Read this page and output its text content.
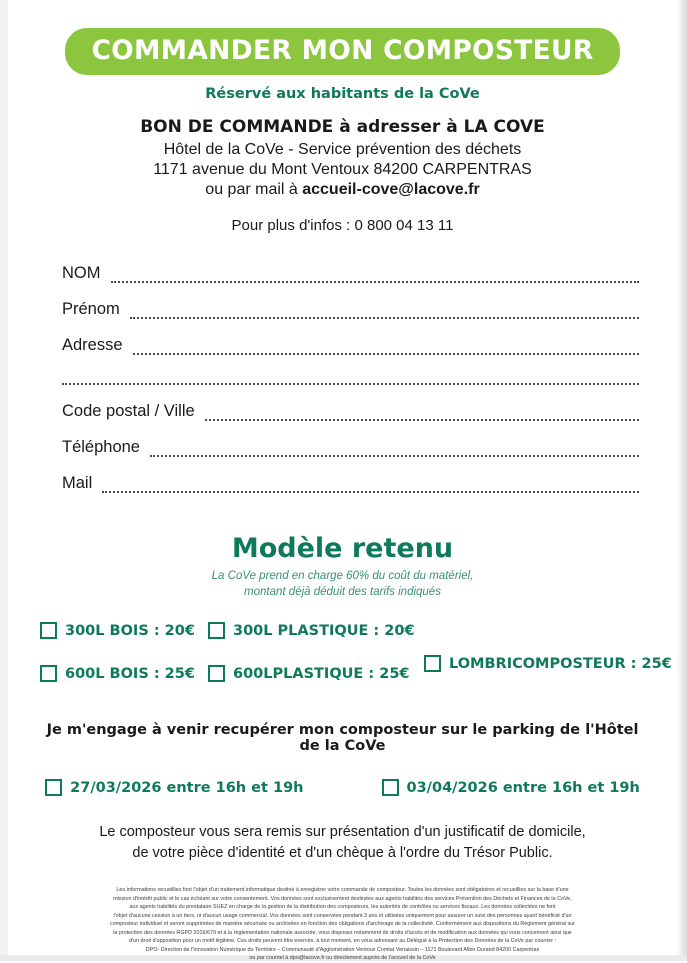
COMMANDER MON COMPOSTEUR
Réservé aux habitants de la CoVe
BON DE COMMANDE à adresser à LA COVE
Hôtel de la CoVe - Service prévention des déchets
1171 avenue du Mont Ventoux 84200 CARPENTRAS
ou par mail à accueil-cove@lacove.fr
Pour plus d'infos : 0 800 04 13 11
NOM
Prénom
Adresse
Code postal / Ville
Téléphone
Mail
Modèle retenu
La CoVe prend en charge 60% du coût du matériel,
montant déjà déduit des tarifs indiqués
300L BOIS : 20€	300L PLASTIQUE : 20€
LOMBRICOMPOSTEUR : 25€
600L BOIS : 25€	600LPLASTIQUE : 25€
Je m'engage à venir recupérer mon composteur sur le parking de l'Hôtel de la CoVe
27/03/2026 entre 16h et 19h	03/04/2026 entre 16h et 19h
Le composteur vous sera remis sur présentation d'un justificatif de domicile,
de votre pièce d'identité et d'un chèque à l'ordre du Trésor Public.

Les informations recueillies font l'objet d'un traitement informatique destiné à enregistrer votre commande de composteur. Toutes les données sont obligatoires et recueillies sur la base d'une

mission d'intérêt public et le cas échéant sur votre consentement. Vos données sont exclusivement destinées aux agents habilités des services Prévention des Déchets et Finances de la CoVe,

aux agents habilités du prestataire SUEZ en charge de la gestion de la distribution des composteurs, les autorités de contrôles ou services fiscaux. Les données collectées ne font

l'objet d'aucune cession à un tiers, ni d'aucun usage commercial. Vos données sont conservées pendant 3 ans et utilisées uniquement pour assurer un suivi des personnes ayant bénéficié d'un

composteur individuel et seront supprimées de manière sécurisée ou archivées en fonction des obligations d'archivage de la collectivité. Conformément aux dispositions du Règlement général sur

la protection des données RGPD 2016/679 et à la règlementation nationale associée, vous disposez notamment de droits d'accès et de modification aux données qui vous concernent ainsi que

d'un droit d'opposition pour un motif légitime. Ces droits peuvent être exercés, à tout moment, en vous adressant au Délégué à la Protection des Données de la CoVe par courrier :

DPO- Direction de l'Innovation Numérique du Territoire – Communauté d'Agglomération Ventoux Comtat Venaissin – 1171 Boulevard Albin Durand 84200 Carpentras

ou par courriel à dpo@lacove.fr ou directement auprès de l'accueil de la CoVe
